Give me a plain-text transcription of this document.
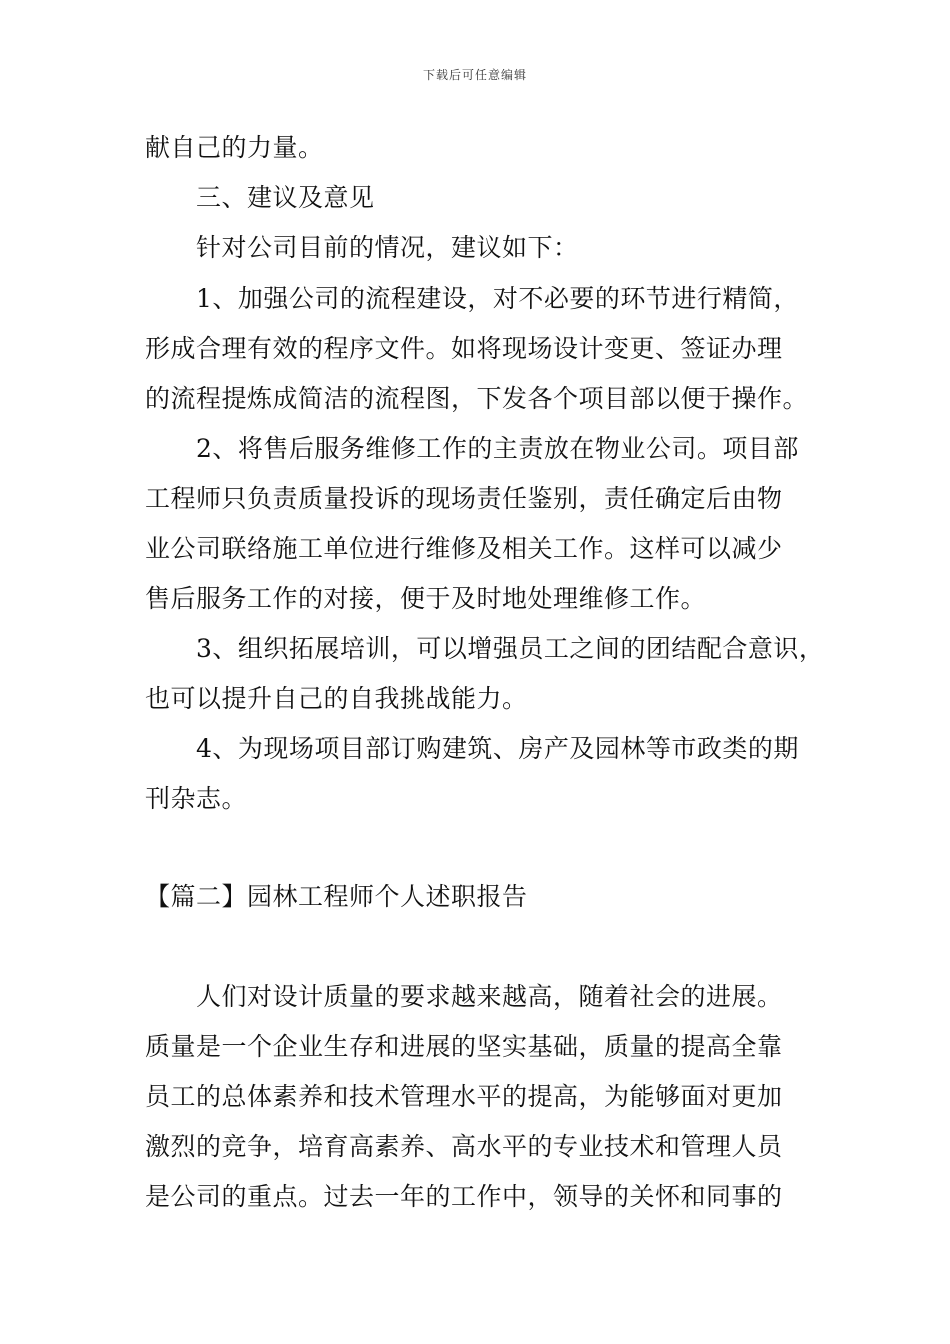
下载后可任意编辑
献自己的力量。
三、建议及意见
针对公司目前的情况，建议如下：
1、加强公司的流程建设，对不必要的环节进行精简，
形成合理有效的程序文件。如将现场设计变更、签证办理
的流程提炼成简洁的流程图，下发各个项目部以便于操作。
2、将售后服务维修工作的主责放在物业公司。项目部
工程师只负责质量投诉的现场责任鉴别，责任确定后由物
业公司联络施工单位进行维修及相关工作。这样可以减少
售后服务工作的对接，便于及时地处理维修工作。
3、组织拓展培训，可以增强员工之间的团结配合意识，
也可以提升自己的自我挑战能力。
4、为现场项目部订购建筑、房产及园林等市政类的期
刊杂志。
【篇二】园林工程师个人述职报告
人们对设计质量的要求越来越高，随着社会的进展。
质量是一个企业生存和进展的坚实基础，质量的提高全靠
员工的总体素养和技术管理水平的提高，为能够面对更加
激烈的竞争，培育高素养、高水平的专业技术和管理人员
是公司的重点。过去一年的工作中，领导的关怀和同事的
